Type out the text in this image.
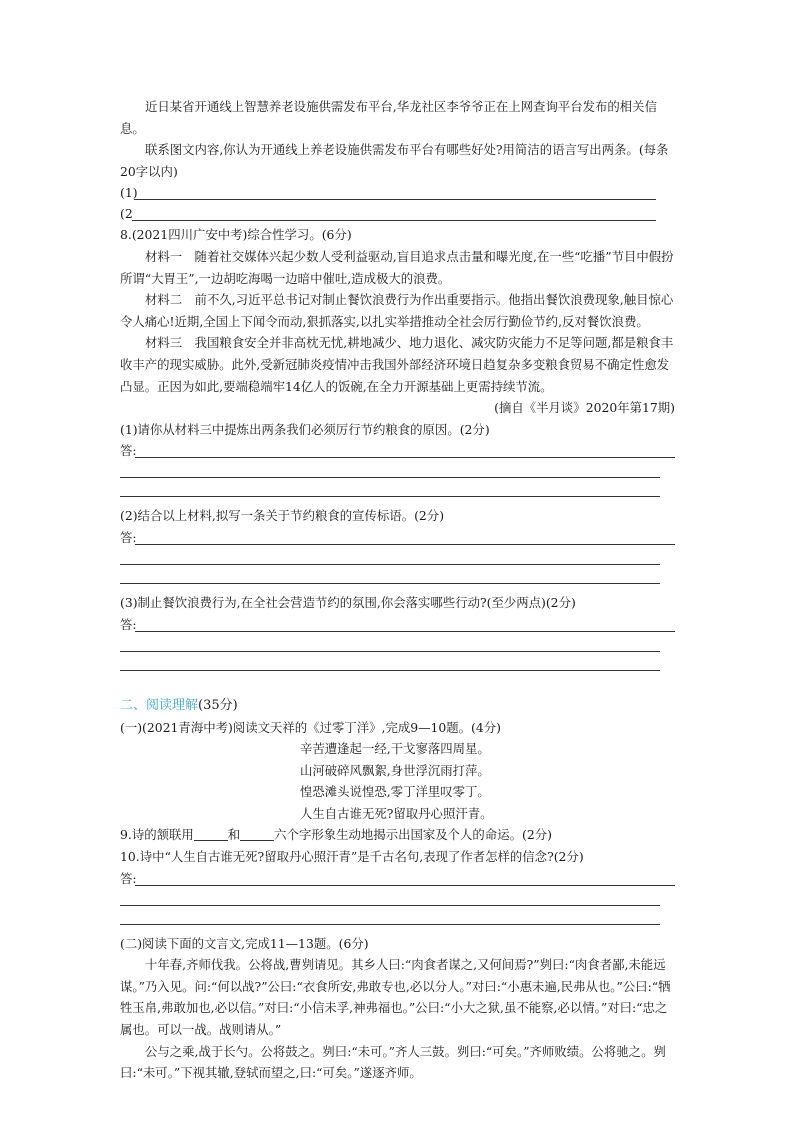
近日某省开通线上智慧养老设施供需发布平台,华龙社区李爷爷正在上网查询平台发布的相关信息。

联系图文内容,你认为开通线上养老设施供需发布平台有哪些好处?用简洁的语言写出两条。(每条20字以内)

(1)
(2

8.(2021四川广安中考)综合性学习。(6分)

材料一　随着社交媒体兴起少数人受利益驱动,盲目追求点击量和曝光度,在一些“吃播”节目中假扮所谓“大胃王”,一边胡吃海喝一边暗中催吐,造成极大的浪费。

材料二　前不久,习近平总书记对制止餐饮浪费行为作出重要指示。他指出餐饮浪费现象,触目惊心令人痛心!近期,全国上下闻令而动,狠抓落实,以扎实举措推动全社会厉行勤俭节约,反对餐饮浪费。

材料三　我国粮食安全并非高枕无忧,耕地减少、地力退化、减灾防灾能力不足等问题,都是粮食丰收丰产的现实威胁。此外,受新冠肺炎疫情冲击我国外部经济环境日趋复杂多变粮食贸易不确定性愈发凸显。正因为如此,要端稳端牢14亿人的饭碗,在全力开源基础上更需持续节流。

(摘自《半月谈》2020年第17期)

(1)请你从材料三中提炼出两条我们必须厉行节约粮食的原因。(2分)

答:

(2)结合以上材料,拟写一条关于节约粮食的宣传标语。(2分)

答:

(3)制止餐饮浪费行为,在全社会营造节约的氛围,你会落实哪些行动?(至少两点)(2分)

答:
二、阅读理解(35分)

(一)(2021青海中考)阅读文天祥的《过零丁洋》,完成9—10题。(4分)

辛苦遭逢起一经,干戈寥落四周星。

山河破碎风飘絮,身世浮沉雨打萍。

惶恐滩头说惶恐,零丁洋里叹零丁。

人生自古谁无死?留取丹心照汗青。

9.诗的颔联用	和	六个字形象生动地揭示出国家及个人的命运。(2分)

10.诗中“人生自古谁无死?留取丹心照汗青”是千古名句,表现了作者怎样的信念?(2分)

答:

(二)阅读下面的文言文,完成11—13题。(6分)

十年春,齐师伐我。公将战,曹刿请见。其乡人曰:“肉食者谋之,又何间焉?”刿曰:“肉食者鄙,未能远谋。”乃入见。问:“何以战?”公曰:“衣食所安,弗敢专也,必以分人。”对曰:“小惠未遍,民弗从也。”公曰:“牺牲玉帛,弗敢加也,必以信。”对曰:“小信未孚,神弗福也。”公曰:“小大之狱,虽不能察,必以情。”对曰:“忠之属也。可以一战。战则请从。”

公与之乘,战于长勺。公将鼓之。刿曰:“未可。”齐人三鼓。刿曰:“可矣。”齐师败绩。公将驰之。刿曰:“未可。”下视其辙,登轼而望之,曰:“可矣。”遂逐齐师。
